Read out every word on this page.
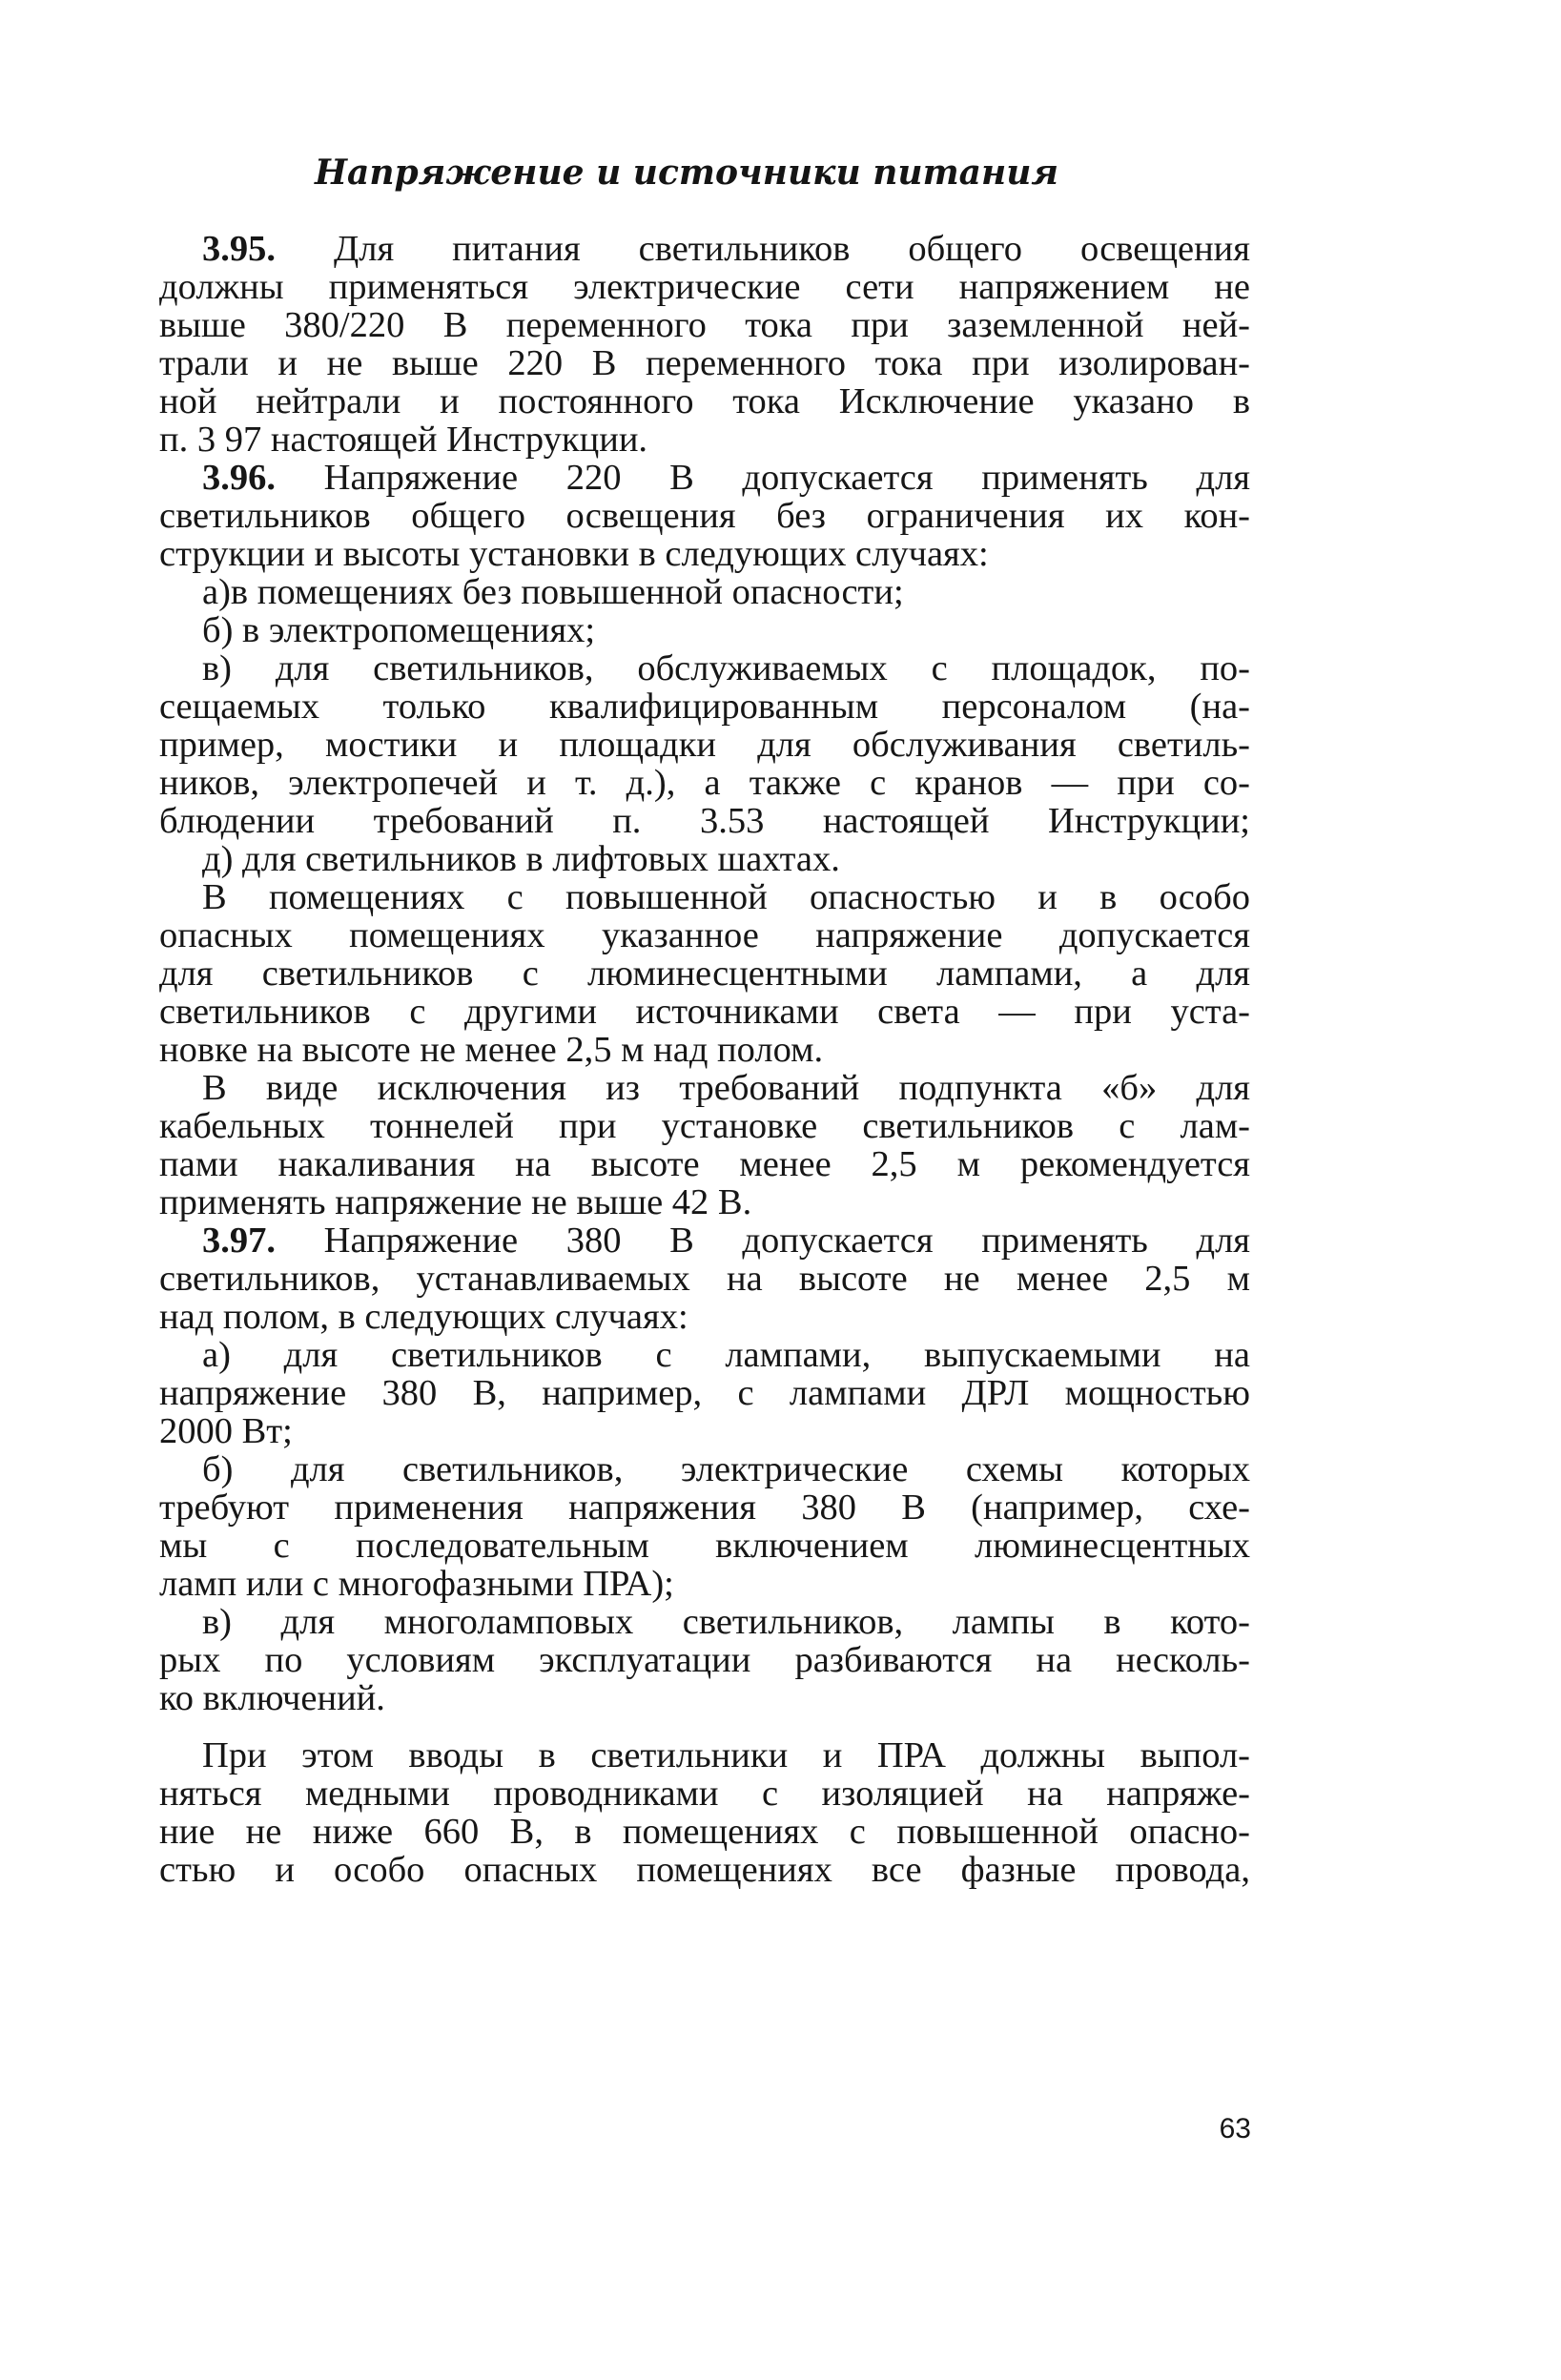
Напряжение и источники питания

3.95. Для питания светильников общего освещения

должны применяться электрические сети напряжением не

выше 380/220 В переменного тока при заземленной ней-

трали и не выше 220 В переменного тока при изолирован-

ной нейтрали и постоянного тока Исключение указано в

п. 3 97 настоящей Инструкции.

3.96. Напряжение 220 В допускается применять для

светильников общего освещения без ограничения их кон-

струкции и высоты установки в следующих случаях:

а)в помещениях без повышенной опасности;

б) в электропомещениях;

в) для светильников, обслуживаемых с площадок, по-

сещаемых только квалифицированным персоналом (на-

пример, мостики и площадки для обслуживания светиль-

ников, электропечей и т. д.), а также с кранов — при со-

блюдении требований п. 3.53 настоящей Инструкции;

д) для светильников в лифтовых шахтах.

В помещениях с повышенной опасностью и в особо

опасных помещениях указанное напряжение допускается

для светильников с люминесцентными лампами, а для

светильников с другими источниками света — при уста-

новке на высоте не менее 2,5 м над полом.

В виде исключения из требований подпункта «б» для

кабельных тоннелей при установке светильников с лам-

пами накаливания на высоте менее 2,5 м рекомендуется

применять напряжение не выше 42 В.

3.97. Напряжение 380 В допускается применять для

светильников, устанавливаемых на высоте не менее 2,5 м

над полом, в следующих случаях:

а) для светильников с лампами, выпускаемыми на

напряжение 380 В, например, с лампами ДРЛ мощностью

2000 Вт;

б) для светильников, электрические схемы которых

требуют применения напряжения 380 В (например, схе-

мы с последовательным включением люминесцентных

ламп или с многофазными ПРА);

в) для многоламповых светильников, лампы в кото-

рых по условиям эксплуатации разбиваются на несколь-

ко включений.

При этом вводы в светильники и ПРА должны выпол-

няться медными проводниками с изоляцией на напряже-

ние не ниже 660 В, в помещениях с повышенной опасно-

стью и особо опасных помещениях все фазные провода,

63
